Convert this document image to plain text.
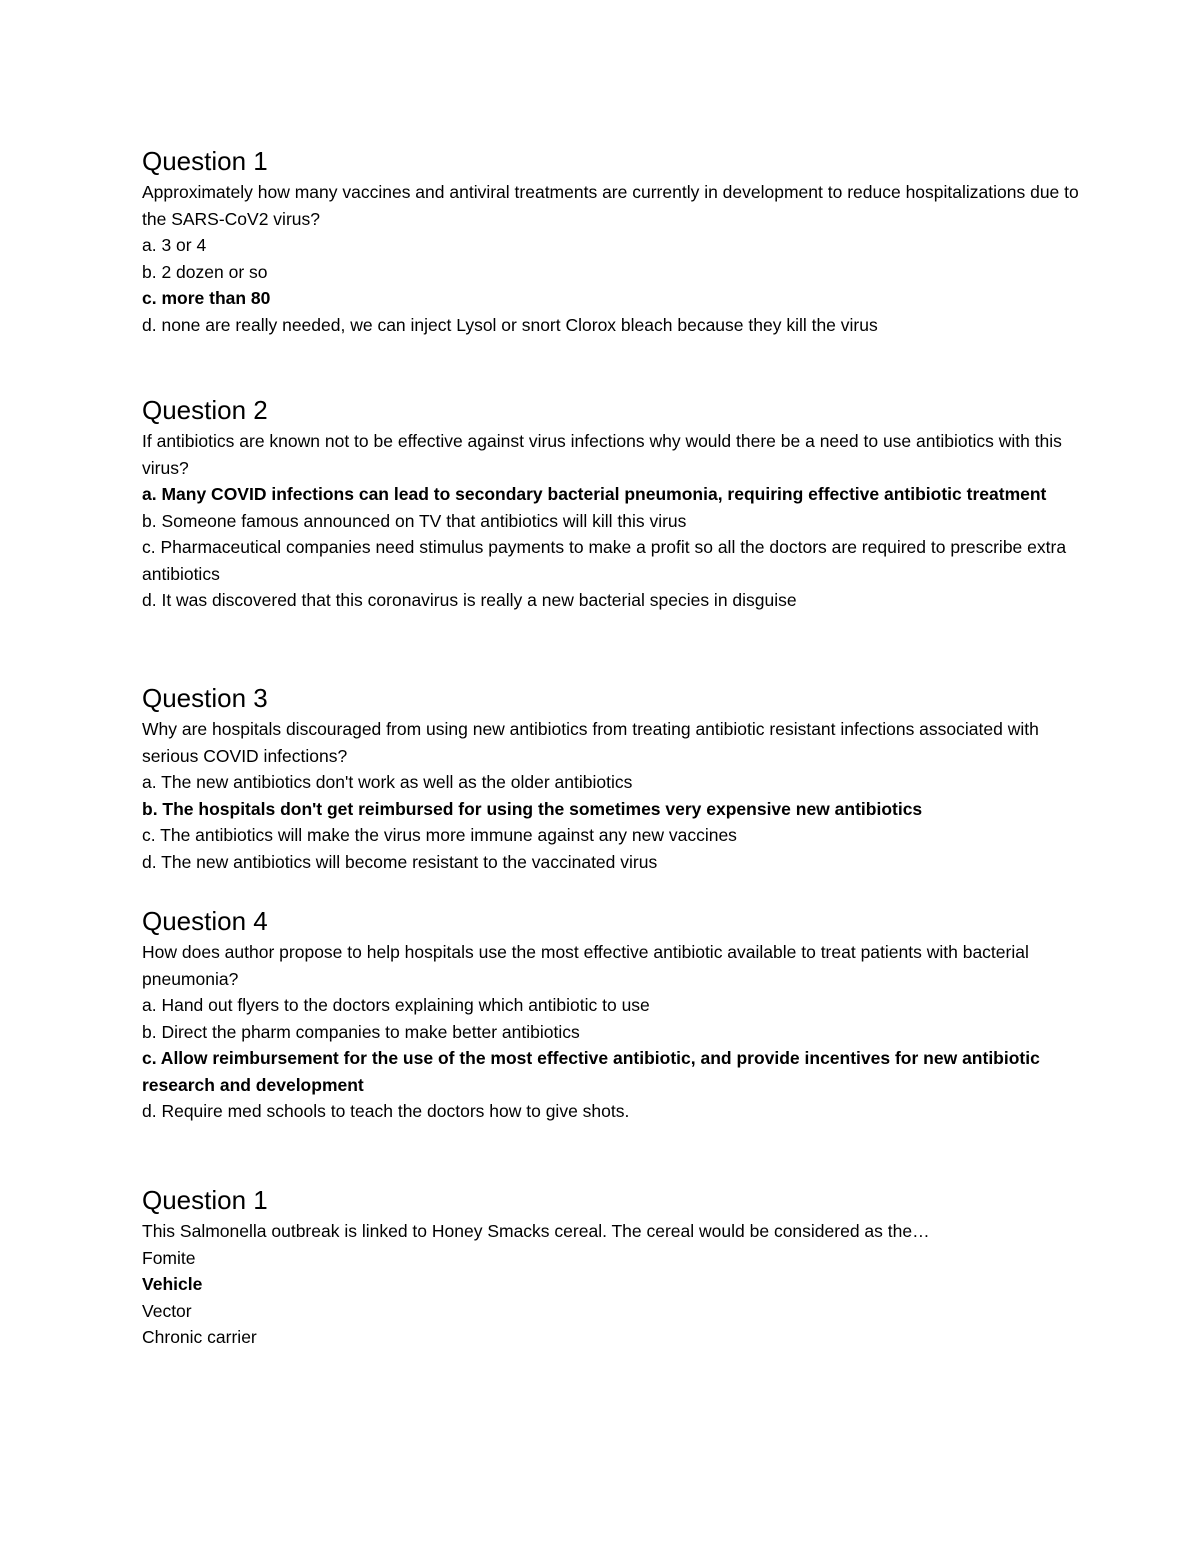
Question 1

Approximately how many vaccines and antiviral treatments are currently in development to reduce hospitalizations due to the SARS-CoV2 virus?

a. 3 or 4

b. 2 dozen or so

c. more than 80

d. none are really needed, we can inject Lysol or snort Clorox bleach because they kill the virus

Question 2

If antibiotics are known not to be effective against virus infections why would there be a need to use antibiotics with this virus?

a. Many COVID infections can lead to secondary bacterial pneumonia, requiring effective antibiotic treatment

b. Someone famous announced on TV that antibiotics will kill this virus

c. Pharmaceutical companies need stimulus payments to make a profit so all the doctors are required to prescribe extra antibiotics

d. It was discovered that this coronavirus is really a new bacterial species in disguise

Question 3

Why are hospitals discouraged from using new antibiotics from treating antibiotic resistant infections associated with serious COVID infections?

a. The new antibiotics don't work as well as the older antibiotics

b. The hospitals don't get reimbursed for using the sometimes very expensive new antibiotics

c. The antibiotics will make the virus more immune against any new vaccines

d. The new antibiotics will become resistant to the vaccinated virus

Question 4

How does author propose to help hospitals use the most effective antibiotic available to treat patients with bacterial pneumonia?

a. Hand out flyers to the doctors explaining which antibiotic to use

b. Direct the pharm companies to make better antibiotics

c. Allow reimbursement for the use of the most effective antibiotic, and provide incentives for new antibiotic research and development

d. Require med schools to teach the doctors how to give shots.

Question 1

This Salmonella outbreak is linked to Honey Smacks cereal. The cereal would be considered as the…

Fomite

Vehicle

Vector

Chronic carrier
